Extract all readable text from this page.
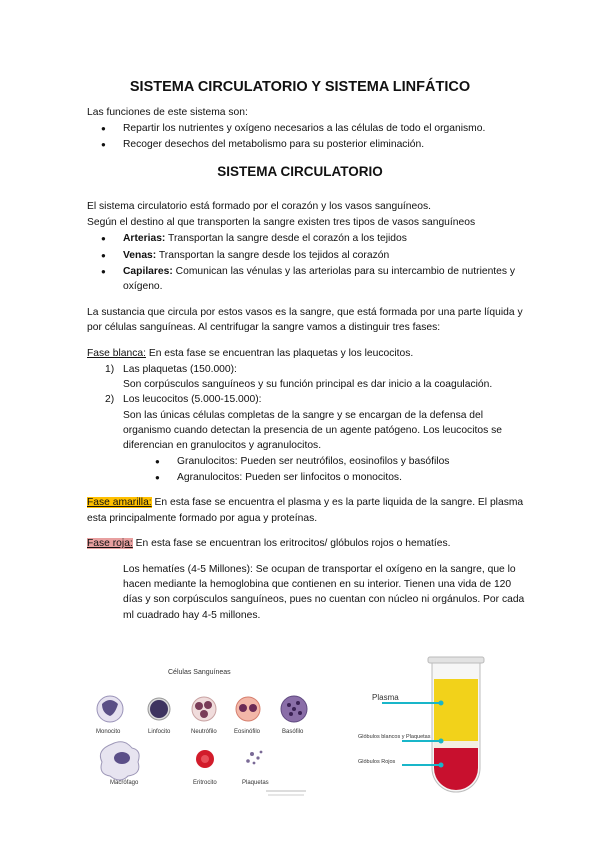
SISTEMA CIRCULATORIO Y SISTEMA LINFÁTICO
Las funciones de este sistema son:
● Repartir los nutrientes y oxígeno necesarios a las células de todo el organismo.
● Recoger desechos del metabolismo para su posterior eliminación.
SISTEMA CIRCULATORIO
El sistema circulatorio está formado por el corazón y los vasos sanguíneos.
Según el destino al que transporten la sangre existen tres tipos de vasos sanguíneos
● Arterias: Transportan la sangre desde el corazón a los tejidos
● Venas: Transportan la sangre desde los tejidos al corazón
● Capilares: Comunican las vénulas y las arteriolas para su intercambio de nutrientes y
oxígeno.
La sustancia que circula por estos vasos es la sangre, que está formada por una parte líquida y
por células sanguíneas. Al centrifugar la sangre vamos a distinguir tres fases:
Fase blanca: En esta fase se encuentran las plaquetas y los leucocitos.
1) Las plaquetas (150.000):
Son corpúsculos sanguíneos y su función principal es dar inicio a la coagulación.
2) Los leucocitos (5.000-15.000):
Son las únicas células completas de la sangre y se encargan de la defensa del
organismo cuando detectan la presencia de un agente patógeno. Los leucocitos se
diferencian en granulocitos y agranulocitos.
● Granulocitos: Pueden ser neutrófilos, eosinofilos y basófilos
● Agranulocitos: Pueden ser linfocitos o monocitos.
Fase amarilla: En esta fase se encuentra el plasma y es la parte liquida de la sangre. El plasma
esta principalmente formado por agua y proteínas.
Fase roja: En esta fase se encuentran los eritrocitos/ glóbulos rojos o hematíes.
Los hematíes (4-5 Millones): Se ocupan de transportar el oxígeno en la sangre, que lo
hacen mediante la hemoglobina que contienen en su interior. Tienen una vida de 120
días y son corpúsculos sanguíneos, pues no cuentan con núcleo ni orgánulos. Por cada
ml cuadrado hay 4-5 millones.
Células Sanguíneas
Monocito	Linfocito	Neutrófilo	Eosinófilo	Basófilo
Macrófago	Eritrocito	Plaquetas
Plasma
Glóbulos blancos y Plaquetas
Glóbulos Rojos
